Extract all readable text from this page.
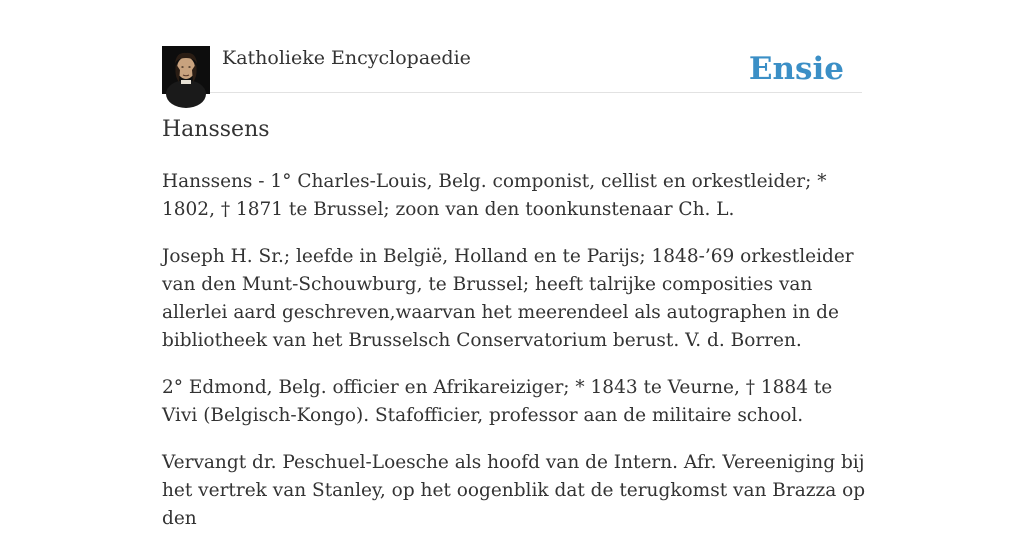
Katholieke Encyclopaedie	Ensie
Hanssens

Hanssens - 1° Charles-Louis, Belg. componist, cellist en orkestleider; * 1802, † 1871 te Brussel; zoon van den toonkunstenaar Ch. L.

Joseph H. Sr.; leefde in België, Holland en te Parijs; 1848-’69 orkestleider van den Munt-Schouwburg, te Brussel; heeft talrijke composities van allerlei aard geschreven,waarvan het meerendeel als autographen in de bibliotheek van het Brusselsch Conservatorium berust. V. d. Borren.

2° Edmond, Belg. officier en Afrikareiziger; * 1843 te Veurne, † 1884 te Vivi (Belgisch-Kongo). Stafofficier, professor aan de militaire school.

Vervangt dr. Peschuel-Loesche als hoofd van de Intern. Afr. Vereeniging bij het vertrek van Stanley, op het oogenblik dat de terugkomst van Brazza op den
